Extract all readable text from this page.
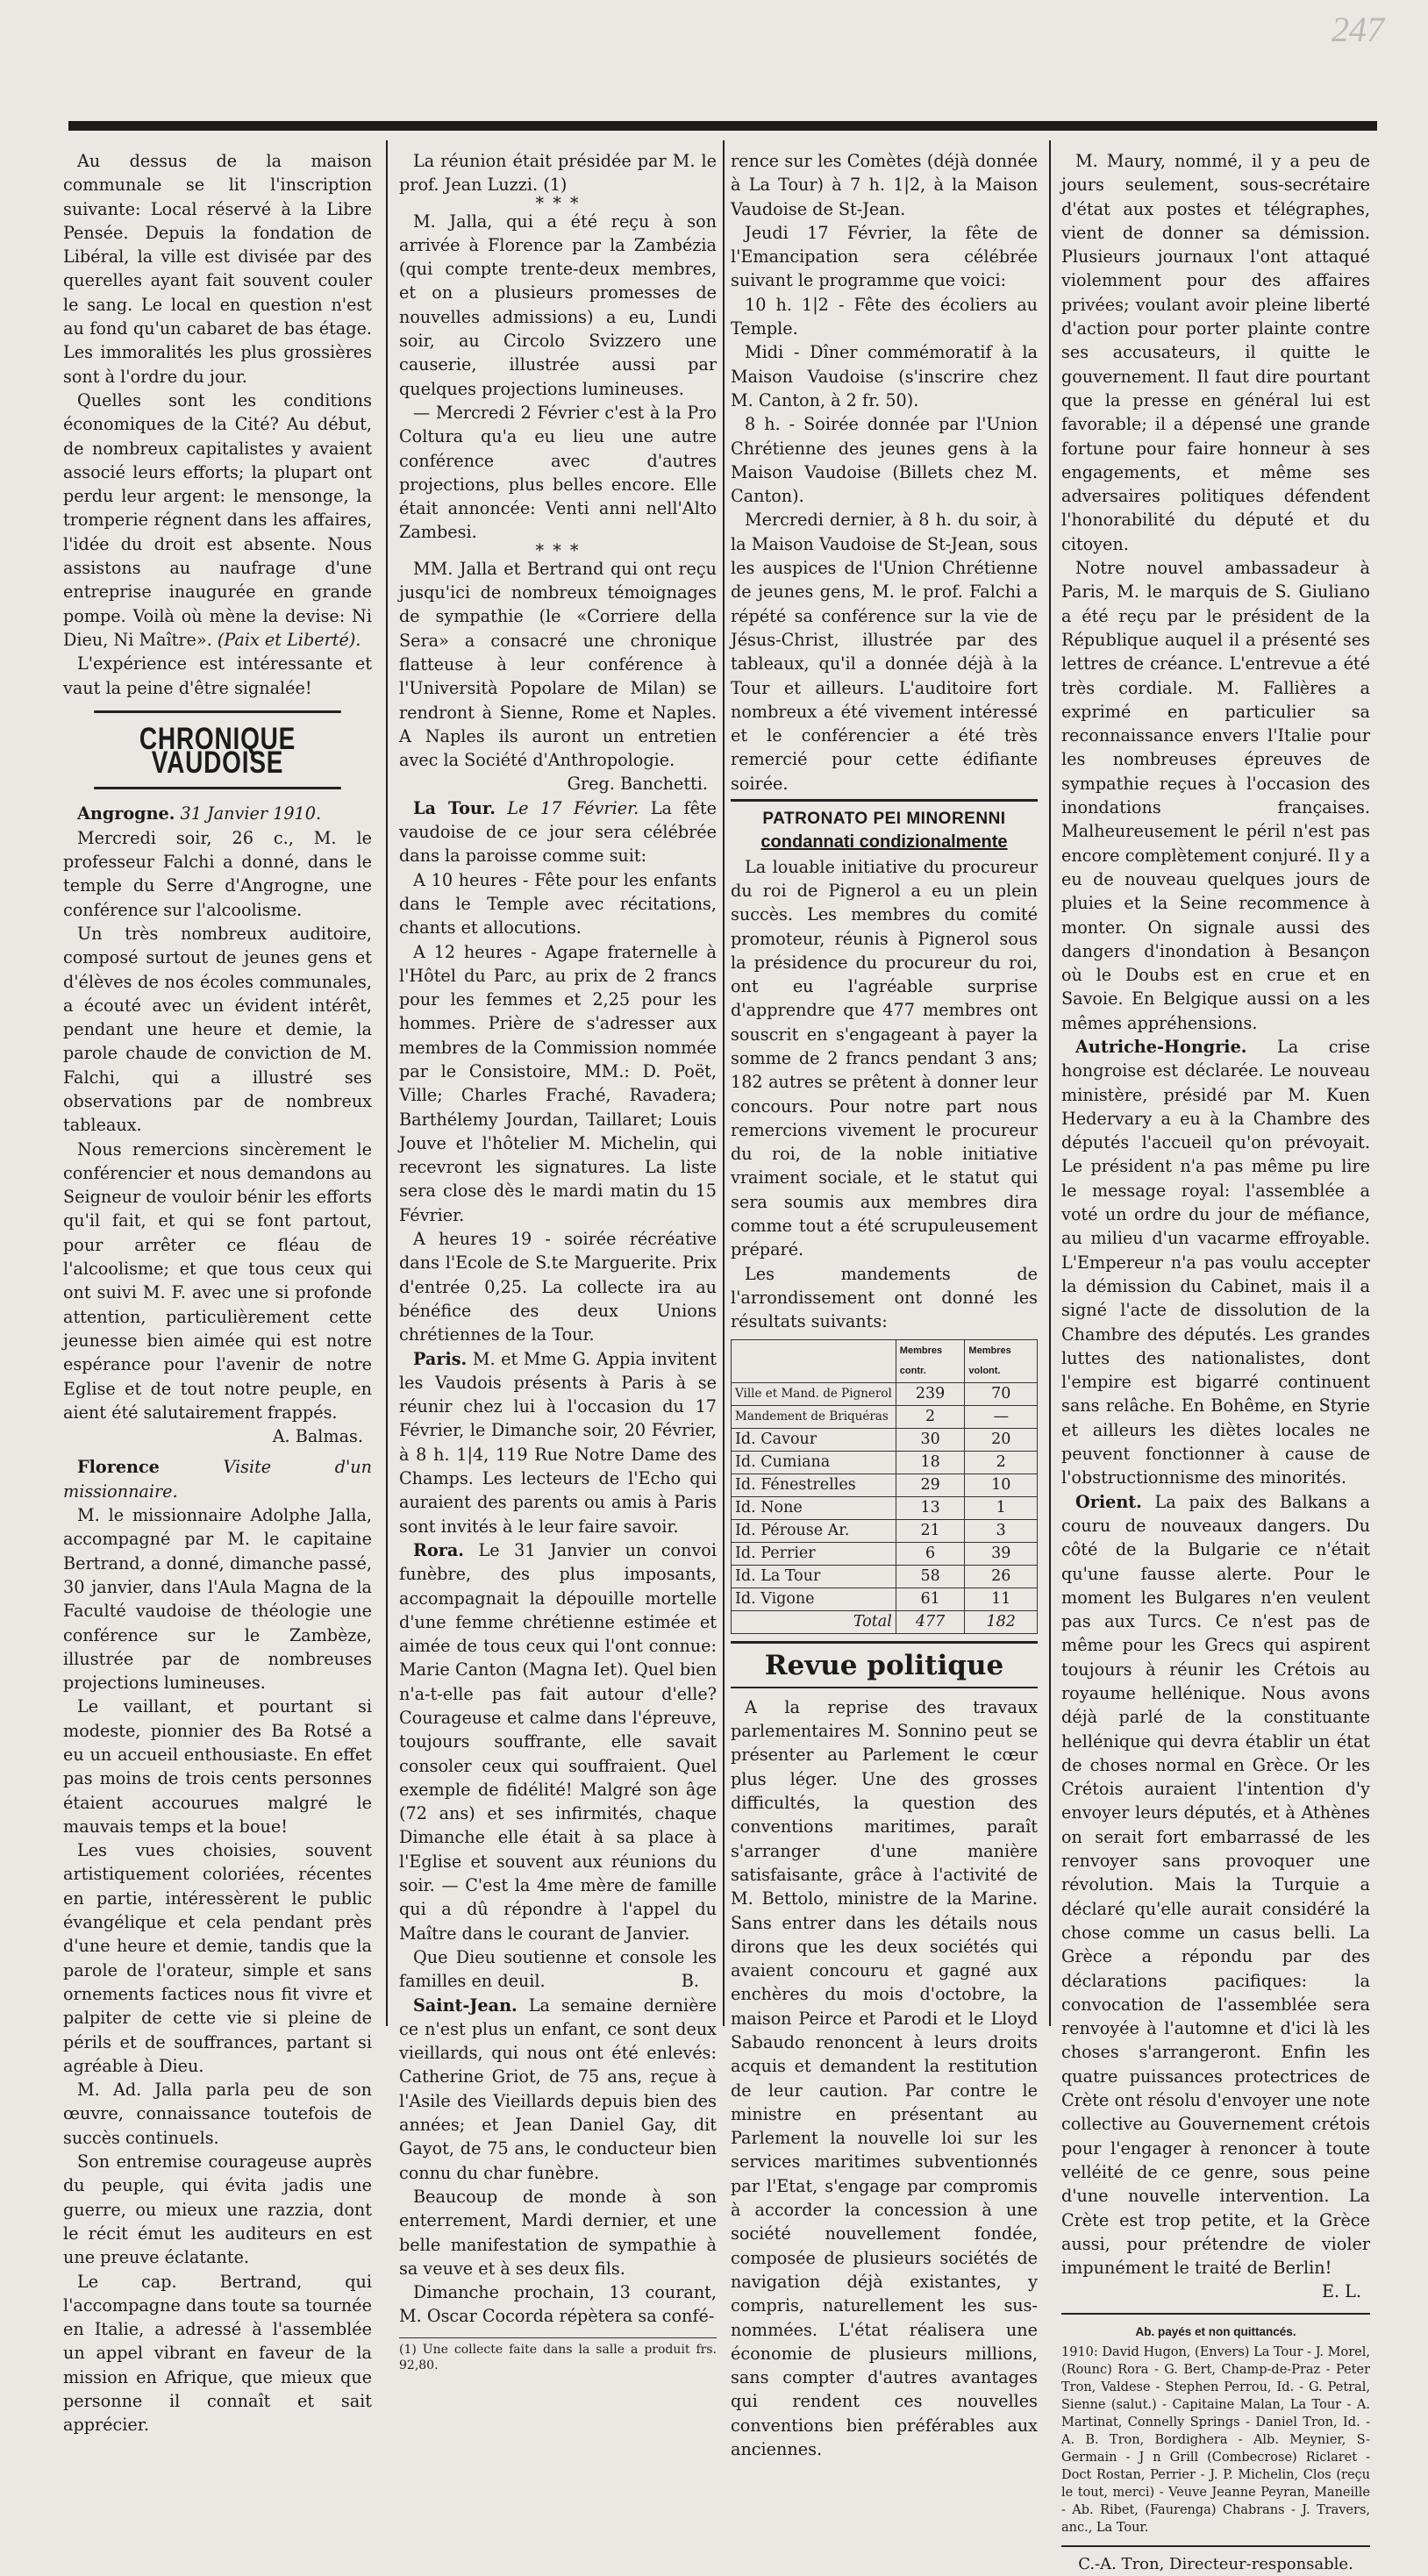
247

Au dessus de la maison communale se lit l'inscription suivante: Local réservé à la Libre Pensée. Depuis la fondation de Libéral, la ville est divisée par des querelles ayant fait souvent couler le sang. Le local en question n'est au fond qu'un cabaret de bas étage. Les immoralités les plus grossières sont à l'ordre du jour.

Quelles sont les conditions économiques de la Cité? Au début, de nombreux capitalistes y avaient associé leurs efforts; la plupart ont perdu leur argent: le mensonge, la tromperie régnent dans les affaires, l'idée du droit est absente. Nous assistons au naufrage d'une entreprise inaugurée en grande pompe. Voilà où mène la devise: Ni Dieu, Ni Maître». (Paix et Liberté).

L'expérience est intéressante et vaut la peine d'être signalée!

CHRONIQUE VAUDOISE

Angrogne. 31 Janvier 1910.

Mercredi soir, 26 c., M. le professeur Falchi a donné, dans le temple du Serre d'Angrogne, une conférence sur l'alcoolisme.

Un très nombreux auditoire, composé surtout de jeunes gens et d'élèves de nos écoles communales, a écouté avec un évident intérêt, pendant une heure et demie, la parole chaude de conviction de M. Falchi, qui a illustré ses observations par de nombreux tableaux.

Nous remercions sincèrement le conférencier et nous demandons au Seigneur de vouloir bénir les efforts qu'il fait, et qui se font partout, pour arrêter ce fléau de l'alcoolisme; et que tous ceux qui ont suivi M. F. avec une si profonde attention, particulièrement cette jeunesse bien aimée qui est notre espérance pour l'avenir de notre Eglise et de tout notre peuple, en aient été salutairement frappés.

A. Balmas.

Florence	Visite d'un missionnaire.

M. le missionnaire Adolphe Jalla, accompagné par M. le capitaine Bertrand, a donné, dimanche passé, 30 janvier, dans l'Aula Magna de la Faculté vaudoise de théologie une conférence sur le Zambèze, illustrée par de nombreuses projections lumineuses.

Le vaillant, et pourtant si modeste, pionnier des Ba Rotsé a eu un accueil enthousiaste. En effet pas moins de trois cents personnes étaient accourues malgré le mauvais temps et la boue!

Les vues choisies, souvent artistiquement coloriées, récentes en partie, intéressèrent le public évangélique et cela pendant près d'une heure et demie, tandis que la parole de l'orateur, simple et sans ornements factices nous fit vivre et palpiter de cette vie si pleine de périls et de souffrances, partant si agréable à Dieu.

M. Ad. Jalla parla peu de son œuvre, connaissance toutefois de succès continuels.

Son entremise courageuse auprès du peuple, qui évita jadis une guerre, ou mieux une razzia, dont le récit émut les auditeurs en est une preuve éclatante.

Le cap. Bertrand, qui l'accompagne dans toute sa tournée en Italie, a adressé à l'assemblée un appel vibrant en faveur de la mission en Afrique, que mieux que personne il connaît et sait apprécier.

La réunion était présidée par M. le prof. Jean Luzzi. (1)

* * *

M. Jalla, qui a été reçu à son arrivée à Florence par la Zambézia (qui compte trente-deux membres, et on a plusieurs promesses de nouvelles admissions) a eu, Lundi soir, au Circolo Svizzero une causerie, illustrée aussi par quelques projections lumineuses.

— Mercredi 2 Février c'est à la Pro Coltura qu'a eu lieu une autre conférence avec d'autres projections, plus belles encore. Elle était annoncée: Venti anni nell'Alto Zambesi.

* * *

MM. Jalla et Bertrand qui ont reçu jusqu'ici de nombreux témoignages de sympathie (le «Corriere della Sera» a consacré une chronique flatteuse à leur conférence à l'Università Popolare de Milan) se rendront à Sienne, Rome et Naples. A Naples ils auront un entretien avec la Société d'Anthropologie.

Greg. Banchetti.

La Tour. Le 17 Février. La fête vaudoise de ce jour sera célébrée dans la paroisse comme suit:

A 10 heures - Fête pour les enfants dans le Temple avec récitations, chants et allocutions.

A 12 heures - Agape fraternelle à l'Hôtel du Parc, au prix de 2 francs pour les femmes et 2,25 pour les hommes. Prière de s'adresser aux membres de la Commission nommée par le Consistoire, MM.: D. Poët, Ville; Charles Fraché, Ravadera; Barthélemy Jourdan, Taillaret; Louis Jouve et l'hôtelier M. Michelin, qui recevront les signatures. La liste sera close dès le mardi matin du 15 Février.

A heures 19 - soirée récréative dans l'Ecole de S.te Marguerite. Prix d'entrée 0,25. La collecte ira au bénéfice des deux Unions chrétiennes de la Tour.

Paris. M. et Mme G. Appia invitent les Vaudois présents à Paris à se réunir chez lui à l'occasion du 17 Février, le Dimanche soir, 20 Février, à 8 h. 1|4, 119 Rue Notre Dame des Champs. Les lecteurs de l'Echo qui auraient des parents ou amis à Paris sont invités à le leur faire savoir.

Rora. Le 31 Janvier un convoi funèbre, des plus imposants, accompagnait la dépouille mortelle d'une femme chrétienne estimée et aimée de tous ceux qui l'ont connue: Marie Canton (Magna Iet). Quel bien n'a-t-elle pas fait autour d'elle? Courageuse et calme dans l'épreuve, toujours souffrante, elle savait consoler ceux qui souffraient. Quel exemple de fidélité! Malgré son âge (72 ans) et ses infirmités, chaque Dimanche elle était à sa place à l'Eglise et souvent aux réunions du soir. — C'est la 4me mère de famille qui a dû répondre à l'appel du Maître dans le courant de Janvier.

Que Dieu soutienne et console les familles en deuil.	B.

Saint-Jean. La semaine dernière ce n'est plus un enfant, ce sont deux vieillards, qui nous ont été enlevés: Catherine Griot, de 75 ans, reçue à l'Asile des Vieillards depuis bien des années; et Jean Daniel Gay, dit Gayot, de 75 ans, le conducteur bien connu du char funèbre.

Beaucoup de monde à son enterrement, Mardi dernier, et une belle manifestation de sympathie à sa veuve et à ses deux fils.

Dimanche prochain, 13 courant, M. Oscar Cocorda répètera sa confé-

(1) Une collecte faite dans la salle a produit frs. 92,80.

rence sur les Comètes (déjà donnée à La Tour) à 7 h. 1|2, à la Maison Vaudoise de St-Jean.

Jeudi 17 Février, la fête de l'Emancipation sera célébrée suivant le programme que voici:

10 h. 1|2 - Fête des écoliers au Temple.

Midi - Dîner commémoratif à la Maison Vaudoise (s'inscrire chez M. Canton, à 2 fr. 50).

8 h. - Soirée donnée par l'Union Chrétienne des jeunes gens à la Maison Vaudoise (Billets chez M. Canton).

Mercredi dernier, à 8 h. du soir, à la Maison Vaudoise de St-Jean, sous les auspices de l'Union Chrétienne de jeunes gens, M. le prof. Falchi a répété sa conférence sur la vie de Jésus-Christ, illustrée par des tableaux, qu'il a donnée déjà à la Tour et ailleurs. L'auditoire fort nombreux a été vivement intéressé et le conférencier a été très remercié pour cette édifiante soirée.

PATRONATO PEI MINORENNI
condannati condizionalmente

La louable initiative du procureur du roi de Pignerol a eu un plein succès. Les membres du comité promoteur, réunis à Pignerol sous la présidence du procureur du roi, ont eu l'agréable surprise d'apprendre que 477 membres ont souscrit en s'engageant à payer la somme de 2 francs pendant 3 ans; 182 autres se prêtent à donner leur concours. Pour notre part nous remercions vivement le procureur du roi, de la noble initiative vraiment sociale, et le statut qui sera soumis aux membres dira comme tout a été scrupuleusement préparé.

Les mandements de l'arrondissement ont donné les résultats suivants:

	Membres contr.	Membres volont.
Ville et Mand. de Pignerol	239	70
Mandement de Briquéras	2	—
Id. Cavour	30	20
Id. Cumiana	18	2
Id. Fénestrelles	29	10
Id. None	13	1
Id. Pérouse Ar.	21	3
Id. Perrier	6	39
Id. La Tour	58	26
Id. Vigone	61	11
Total	477	182
Revue politique

A la reprise des travaux parlementaires M. Sonnino peut se présenter au Parlement le cœur plus léger. Une des grosses difficultés, la question des conventions maritimes, paraît s'arranger d'une manière satisfaisante, grâce à l'activité de M. Bettolo, ministre de la Marine. Sans entrer dans les détails nous dirons que les deux sociétés qui avaient concouru et gagné aux enchères du mois d'octobre, la maison Peirce et Parodi et le Lloyd Sabaudo renoncent à leurs droits acquis et demandent la restitution de leur caution. Par contre le ministre en présentant au Parlement la nouvelle loi sur les services maritimes subventionnés par l'Etat, s'engage par compromis à accorder la concession à une société nouvellement fondée, composée de plusieurs sociétés de navigation déjà existantes, y compris, naturellement les sus-nommées. L'état réalisera une économie de plusieurs millions, sans compter d'autres avantages qui rendent ces nouvelles conventions bien préférables aux anciennes.

M. Maury, nommé, il y a peu de jours seulement, sous-secrétaire d'état aux postes et télégraphes, vient de donner sa démission. Plusieurs journaux l'ont attaqué violemment pour des affaires privées; voulant avoir pleine liberté d'action pour porter plainte contre ses accusateurs, il quitte le gouvernement. Il faut dire pourtant que la presse en général lui est favorable; il a dépensé une grande fortune pour faire honneur à ses engagements, et même ses adversaires politiques défendent l'honorabilité du député et du citoyen.

Notre nouvel ambassadeur à Paris, M. le marquis de S. Giuliano a été reçu par le président de la République auquel il a présenté ses lettres de créance. L'entrevue a été très cordiale. M. Fallières a exprimé en particulier sa reconnaissance envers l'Italie pour les nombreuses épreuves de sympathie reçues à l'occasion des inondations françaises. Malheureusement le péril n'est pas encore complètement conjuré. Il y a eu de nouveau quelques jours de pluies et la Seine recommence à monter. On signale aussi des dangers d'inondation à Besançon où le Doubs est en crue et en Savoie. En Belgique aussi on a les mêmes appréhensions.

Autriche-Hongrie. La crise hongroise est déclarée. Le nouveau ministère, présidé par M. Kuen Hedervary a eu à la Chambre des députés l'accueil qu'on prévoyait. Le président n'a pas même pu lire le message royal: l'assemblée a voté un ordre du jour de méfiance, au milieu d'un vacarme effroyable. L'Empereur n'a pas voulu accepter la démission du Cabinet, mais il a signé l'acte de dissolution de la Chambre des députés. Les grandes luttes des nationalistes, dont l'empire est bigarré continuent sans relâche. En Bohême, en Styrie et ailleurs les diètes locales ne peuvent fonctionner à cause de l'obstructionnisme des minorités.

Orient. La paix des Balkans a couru de nouveaux dangers. Du côté de la Bulgarie ce n'était qu'une fausse alerte. Pour le moment les Bulgares n'en veulent pas aux Turcs. Ce n'est pas de même pour les Grecs qui aspirent toujours à réunir les Crétois au royaume hellénique. Nous avons déjà parlé de la constituante hellénique qui devra établir un état de choses normal en Grèce. Or les Crétois auraient l'intention d'y envoyer leurs députés, et à Athènes on serait fort embarrassé de les renvoyer sans provoquer une révolution. Mais la Turquie a déclaré qu'elle aurait considéré la chose comme un casus belli. La Grèce a répondu par des déclarations pacifiques: la convocation de l'assemblée sera renvoyée à l'automne et d'ici là les choses s'arrangeront. Enfin les quatre puissances protectrices de Crète ont résolu d'envoyer une note collective au Gouvernement crétois pour l'engager à renoncer à toute velléité de ce genre, sous peine d'une nouvelle intervention. La Crète est trop petite, et la Grèce aussi, pour prétendre de violer impunément le traité de Berlin!

E. L.

Ab. payés et non quittancés.

1910: David Hugon, (Envers) La Tour - J. Morel, (Rounc) Rora - G. Bert, Champ-de-Praz - Peter Tron, Valdese - Stephen Perrou, Id. - G. Petral, Sienne (salut.) - Capitaine Malan, La Tour - A. Martinat, Connelly Springs - Daniel Tron, Id. - A. B. Tron, Bordighera - Alb. Meynier, S-Germain - J n Grill (Combecrose) Riclaret - Doct Rostan, Perrier - J. P. Michelin, Clos (reçu le tout, merci) - Veuve Jeanne Peyran, Maneille - Ab. Ribet, (Faurenga) Chabrans - J. Travers, anc., La Tour.
C.-A. Tron, Directeur-responsable.
